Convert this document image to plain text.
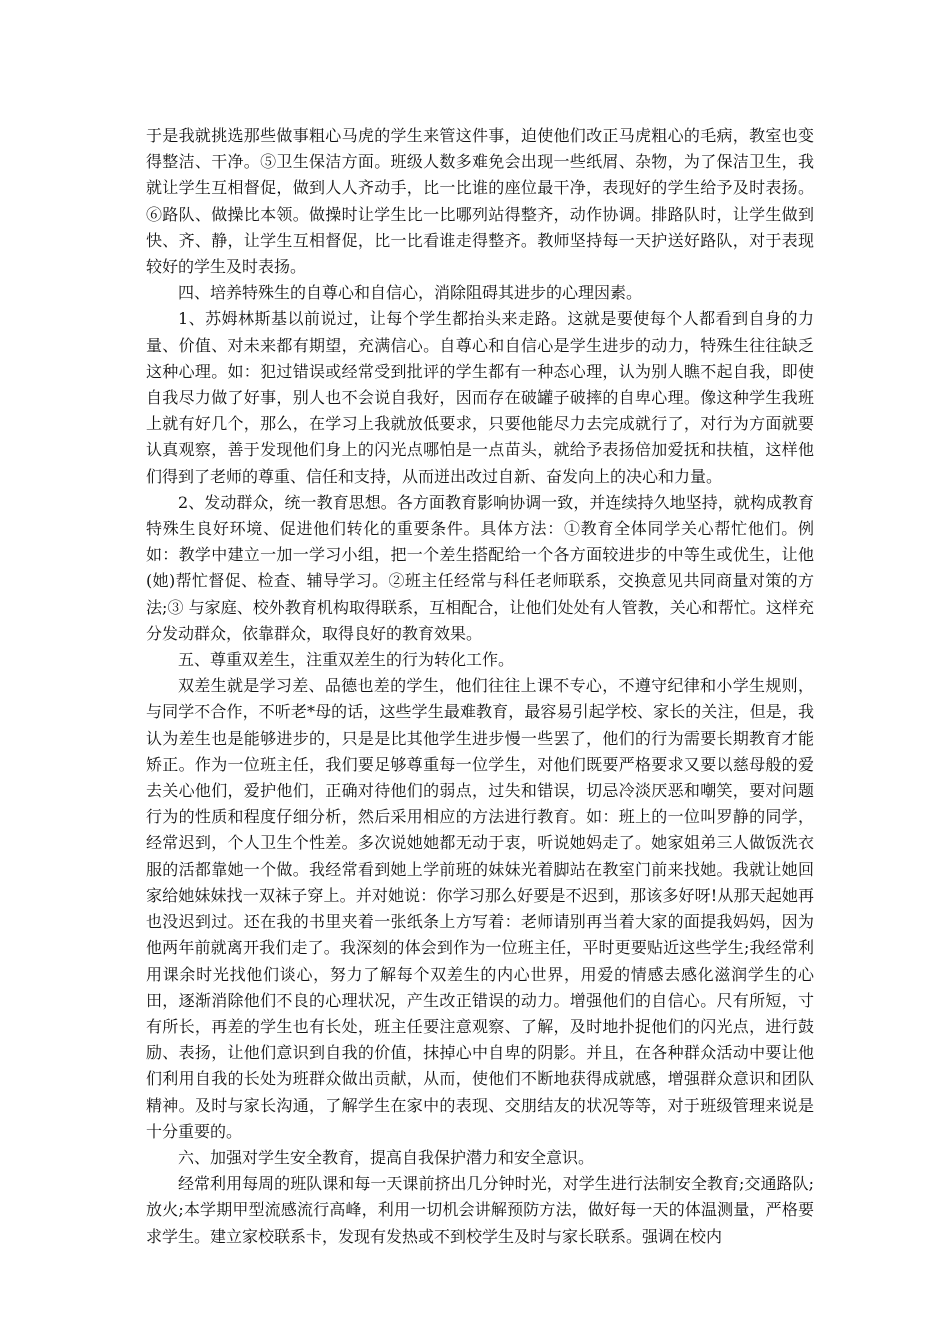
于是我就挑选那些做事粗心马虎的学生来管这件事，迫使他们改正马虎粗心的毛病，教室也变得整洁、干净。⑤卫生保洁方面。班级人数多难免会出现一些纸屑、杂物，为了保洁卫生，我就让学生互相督促，做到人人齐动手，比一比谁的座位最干净，表现好的学生给予及时表扬。⑥路队、做操比本领。做操时让学生比一比哪列站得整齐，动作协调。排路队时，让学生做到快、齐、静，让学生互相督促，比一比看谁走得整齐。教师坚持每一天护送好路队，对于表现较好的学生及时表扬。

四、培养特殊生的自尊心和自信心，消除阻碍其进步的心理因素。

1、苏姆林斯基以前说过，让每个学生都抬头来走路。这就是要使每个人都看到自身的力量、价值、对未来都有期望，充满信心。自尊心和自信心是学生进步的动力，特殊生往往缺乏这种心理。如：犯过错误或经常受到批评的学生都有一种态心理，认为别人瞧不起自我，即使自我尽力做了好事，别人也不会说自我好，因而存在破罐子破摔的自卑心理。像这种学生我班上就有好几个，那么，在学习上我就放低要求，只要他能尽力去完成就行了，对行为方面就要认真观察，善于发现他们身上的闪光点哪怕是一点苗头，就给予表扬倍加爱抚和扶植，这样他们得到了老师的尊重、信任和支持，从而迸出改过自新、奋发向上的决心和力量。

2、发动群众，统一教育思想。各方面教育影响协调一致，并连续持久地坚持，就构成教育特殊生良好环境、促进他们转化的重要条件。具体方法：①教育全体同学关心帮忙他们。例如：教学中建立一加一学习小组，把一个差生搭配给一个各方面较进步的中等生或优生，让他(她)帮忙督促、检查、辅导学习。②班主任经常与科任老师联系，交换意见共同商量对策的方法;③ 与家庭、校外教育机构取得联系，互相配合，让他们处处有人管教，关心和帮忙。这样充分发动群众，依靠群众，取得良好的教育效果。

五、尊重双差生，注重双差生的行为转化工作。

双差生就是学习差、品德也差的学生，他们往往上课不专心，不遵守纪律和小学生规则，与同学不合作，不听老*母的话，这些学生最难教育，最容易引起学校、家长的关注，但是，我认为差生也是能够进步的，只是是比其他学生进步慢一些罢了，他们的行为需要长期教育才能矫正。作为一位班主任，我们要足够尊重每一位学生，对他们既要严格要求又要以慈母般的爱去关心他们，爱护他们，正确对待他们的弱点，过失和错误，切忌冷淡厌恶和嘲笑，要对问题行为的性质和程度仔细分析，然后采用相应的方法进行教育。如：班上的一位叫罗静的同学，经常迟到，个人卫生个性差。多次说她她都无动于衷，听说她妈走了。她家姐弟三人做饭洗衣服的活都靠她一个做。我经常看到她上学前班的妹妹光着脚站在教室门前来找她。我就让她回家给她妹妹找一双袜子穿上。并对她说：你学习那么好要是不迟到，那该多好呀!从那天起她再也没迟到过。还在我的书里夹着一张纸条上方写着：老师请别再当着大家的面提我妈妈，因为他两年前就离开我们走了。我深刻的体会到作为一位班主任，平时更要贴近这些学生;我经常利用课余时光找他们谈心，努力了解每个双差生的内心世界，用爱的情感去感化滋润学生的心田，逐渐消除他们不良的心理状况，产生改正错误的动力。增强他们的自信心。尺有所短，寸有所长，再差的学生也有长处，班主任要注意观察、了解，及时地扑捉他们的闪光点，进行鼓励、表扬，让他们意识到自我的价值，抹掉心中自卑的阴影。并且，在各种群众活动中要让他们利用自我的长处为班群众做出贡献，从而，使他们不断地获得成就感，增强群众意识和团队精神。及时与家长沟通，了解学生在家中的表现、交朋结友的状况等等，对于班级管理来说是十分重要的。

六、加强对学生安全教育，提高自我保护潜力和安全意识。

经常利用每周的班队课和每一天课前挤出几分钟时光，对学生进行法制安全教育;交通路队;放火;本学期甲型流感流行高峰，利用一切机会讲解预防方法，做好每一天的体温测量，严格要求学生。建立家校联系卡，发现有发热或不到校学生及时与家长联系。强调在校内
